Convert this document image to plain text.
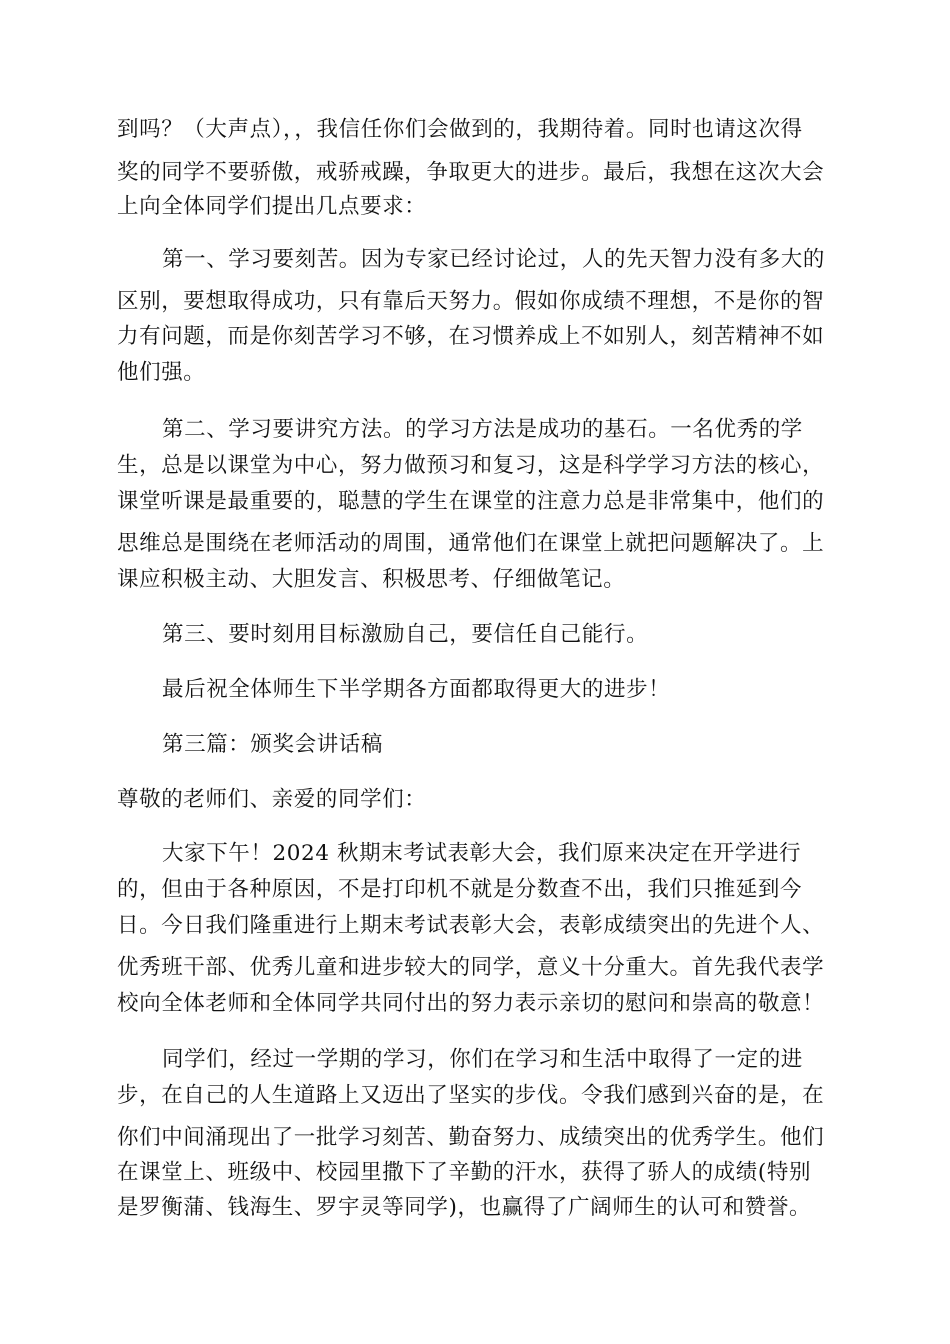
到吗？（大声点），，我信任你们会做到的，我期待着。同时也请这次得

奖的同学不要骄傲，戒骄戒躁，争取更大的进步。最后，我想在这次大会

上向全体同学们提出几点要求：

第一、学习要刻苦。因为专家已经讨论过，人的先天智力没有多大的

区别，要想取得成功，只有靠后天努力。假如你成绩不理想，不是你的智

力有问题，而是你刻苦学习不够，在习惯养成上不如别人，刻苦精神不如

他们强。

第二、学习要讲究方法。的学习方法是成功的基石。一名优秀的学

生，总是以课堂为中心，努力做预习和复习，这是科学学习方法的核心，

课堂听课是最重要的，聪慧的学生在课堂的注意力总是非常集中，他们的

思维总是围绕在老师活动的周围，通常他们在课堂上就把问题解决了。上

课应积极主动、大胆发言、积极思考、仔细做笔记。

第三、要时刻用目标激励自己，要信任自己能行。

最后祝全体师生下半学期各方面都取得更大的进步！

第三篇：颁奖会讲话稿

尊敬的老师们、亲爱的同学们：

大家下午！2024 秋期末考试表彰大会，我们原来决定在开学进行

的，但由于各种原因，不是打印机不就是分数查不出，我们只推延到今

日。今日我们隆重进行上期末考试表彰大会，表彰成绩突出的先进个人、

优秀班干部、优秀儿童和进步较大的同学，意义十分重大。首先我代表学

校向全体老师和全体同学共同付出的努力表示亲切的慰问和崇高的敬意！

同学们，经过一学期的学习，你们在学习和生活中取得了一定的进

步，在自己的人生道路上又迈出了坚实的步伐。令我们感到兴奋的是，在

你们中间涌现出了一批学习刻苦、勤奋努力、成绩突出的优秀学生。他们

在课堂上、班级中、校园里撒下了辛勤的汗水，获得了骄人的成绩(特别

是罗衡蒲、钱海生、罗宇灵等同学)，也赢得了广阔师生的认可和赞誉。
